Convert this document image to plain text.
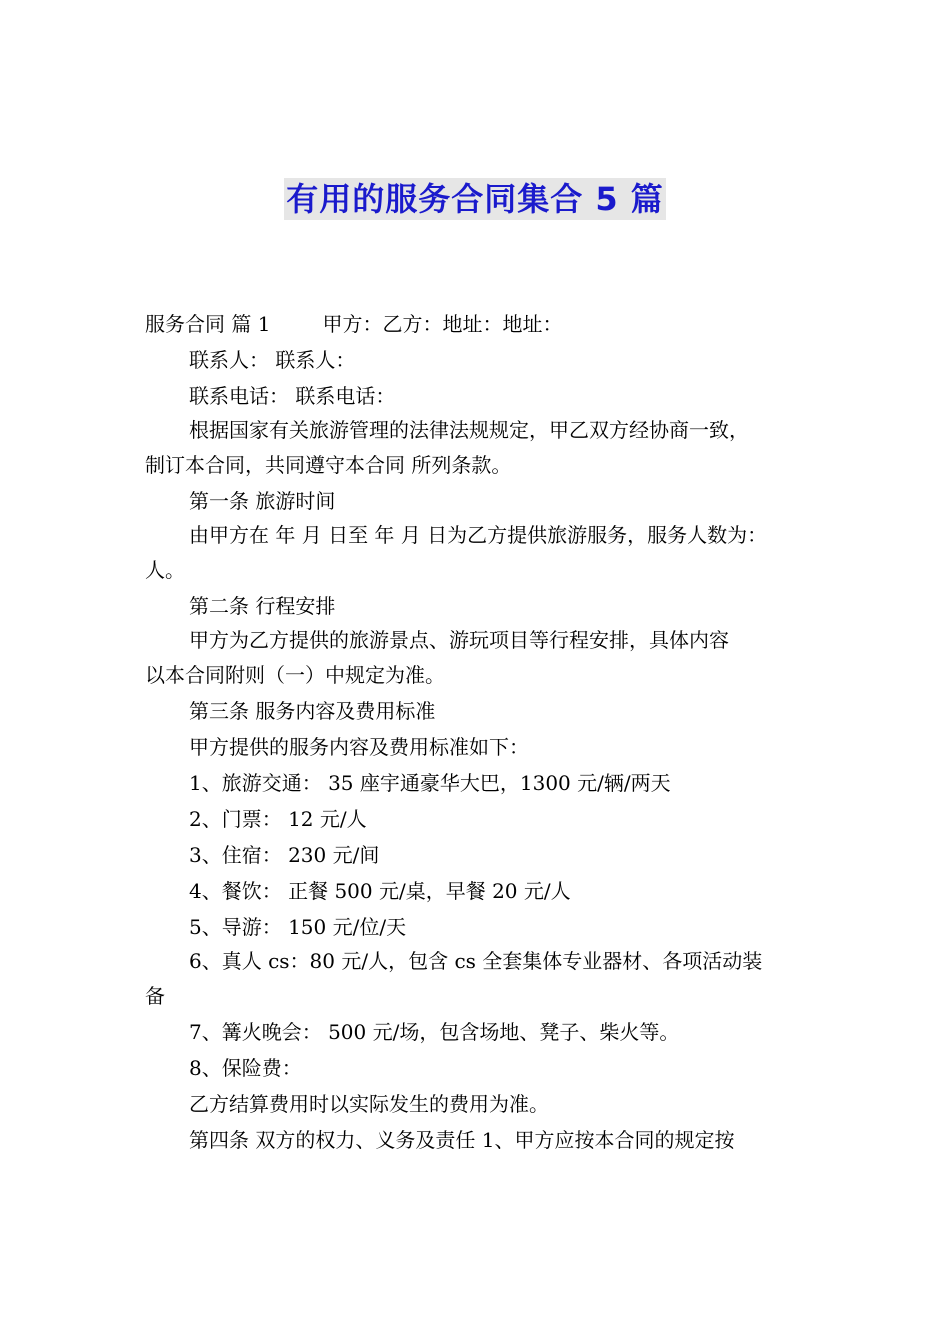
有用的服务合同集合 5 篇
服务合同 篇 1	甲方：乙方：地址：地址：
联系人： 联系人：
联系电话： 联系电话：
根据国家有关旅游管理的法律法规规定，甲乙双方经协商一致，
制订本合同，共同遵守本合同 所列条款。
第一条 旅游时间
由甲方在 年 月 日至 年 月 日为乙方提供旅游服务，服务人数为：
人。
第二条 行程安排
甲方为乙方提供的旅游景点、游玩项目等行程安排，具体内容
以本合同附则（一）中规定为准。
第三条 服务内容及费用标准
甲方提供的服务内容及费用标准如下：
1、旅游交通： 35 座宇通豪华大巴，1300 元/辆/两天
2、门票： 12 元/人
3、住宿： 230 元/间
4、餐饮： 正餐 500 元/桌，早餐 20 元/人
5、导游： 150 元/位/天
6、真人 cs：80 元/人，包含 cs 全套集体专业器材、各项活动装
备
7、篝火晚会： 500 元/场，包含场地、凳子、柴火等。
8、保险费：
乙方结算费用时以实际发生的费用为准。
第四条 双方的权力、义务及责任 1、甲方应按本合同的规定按
